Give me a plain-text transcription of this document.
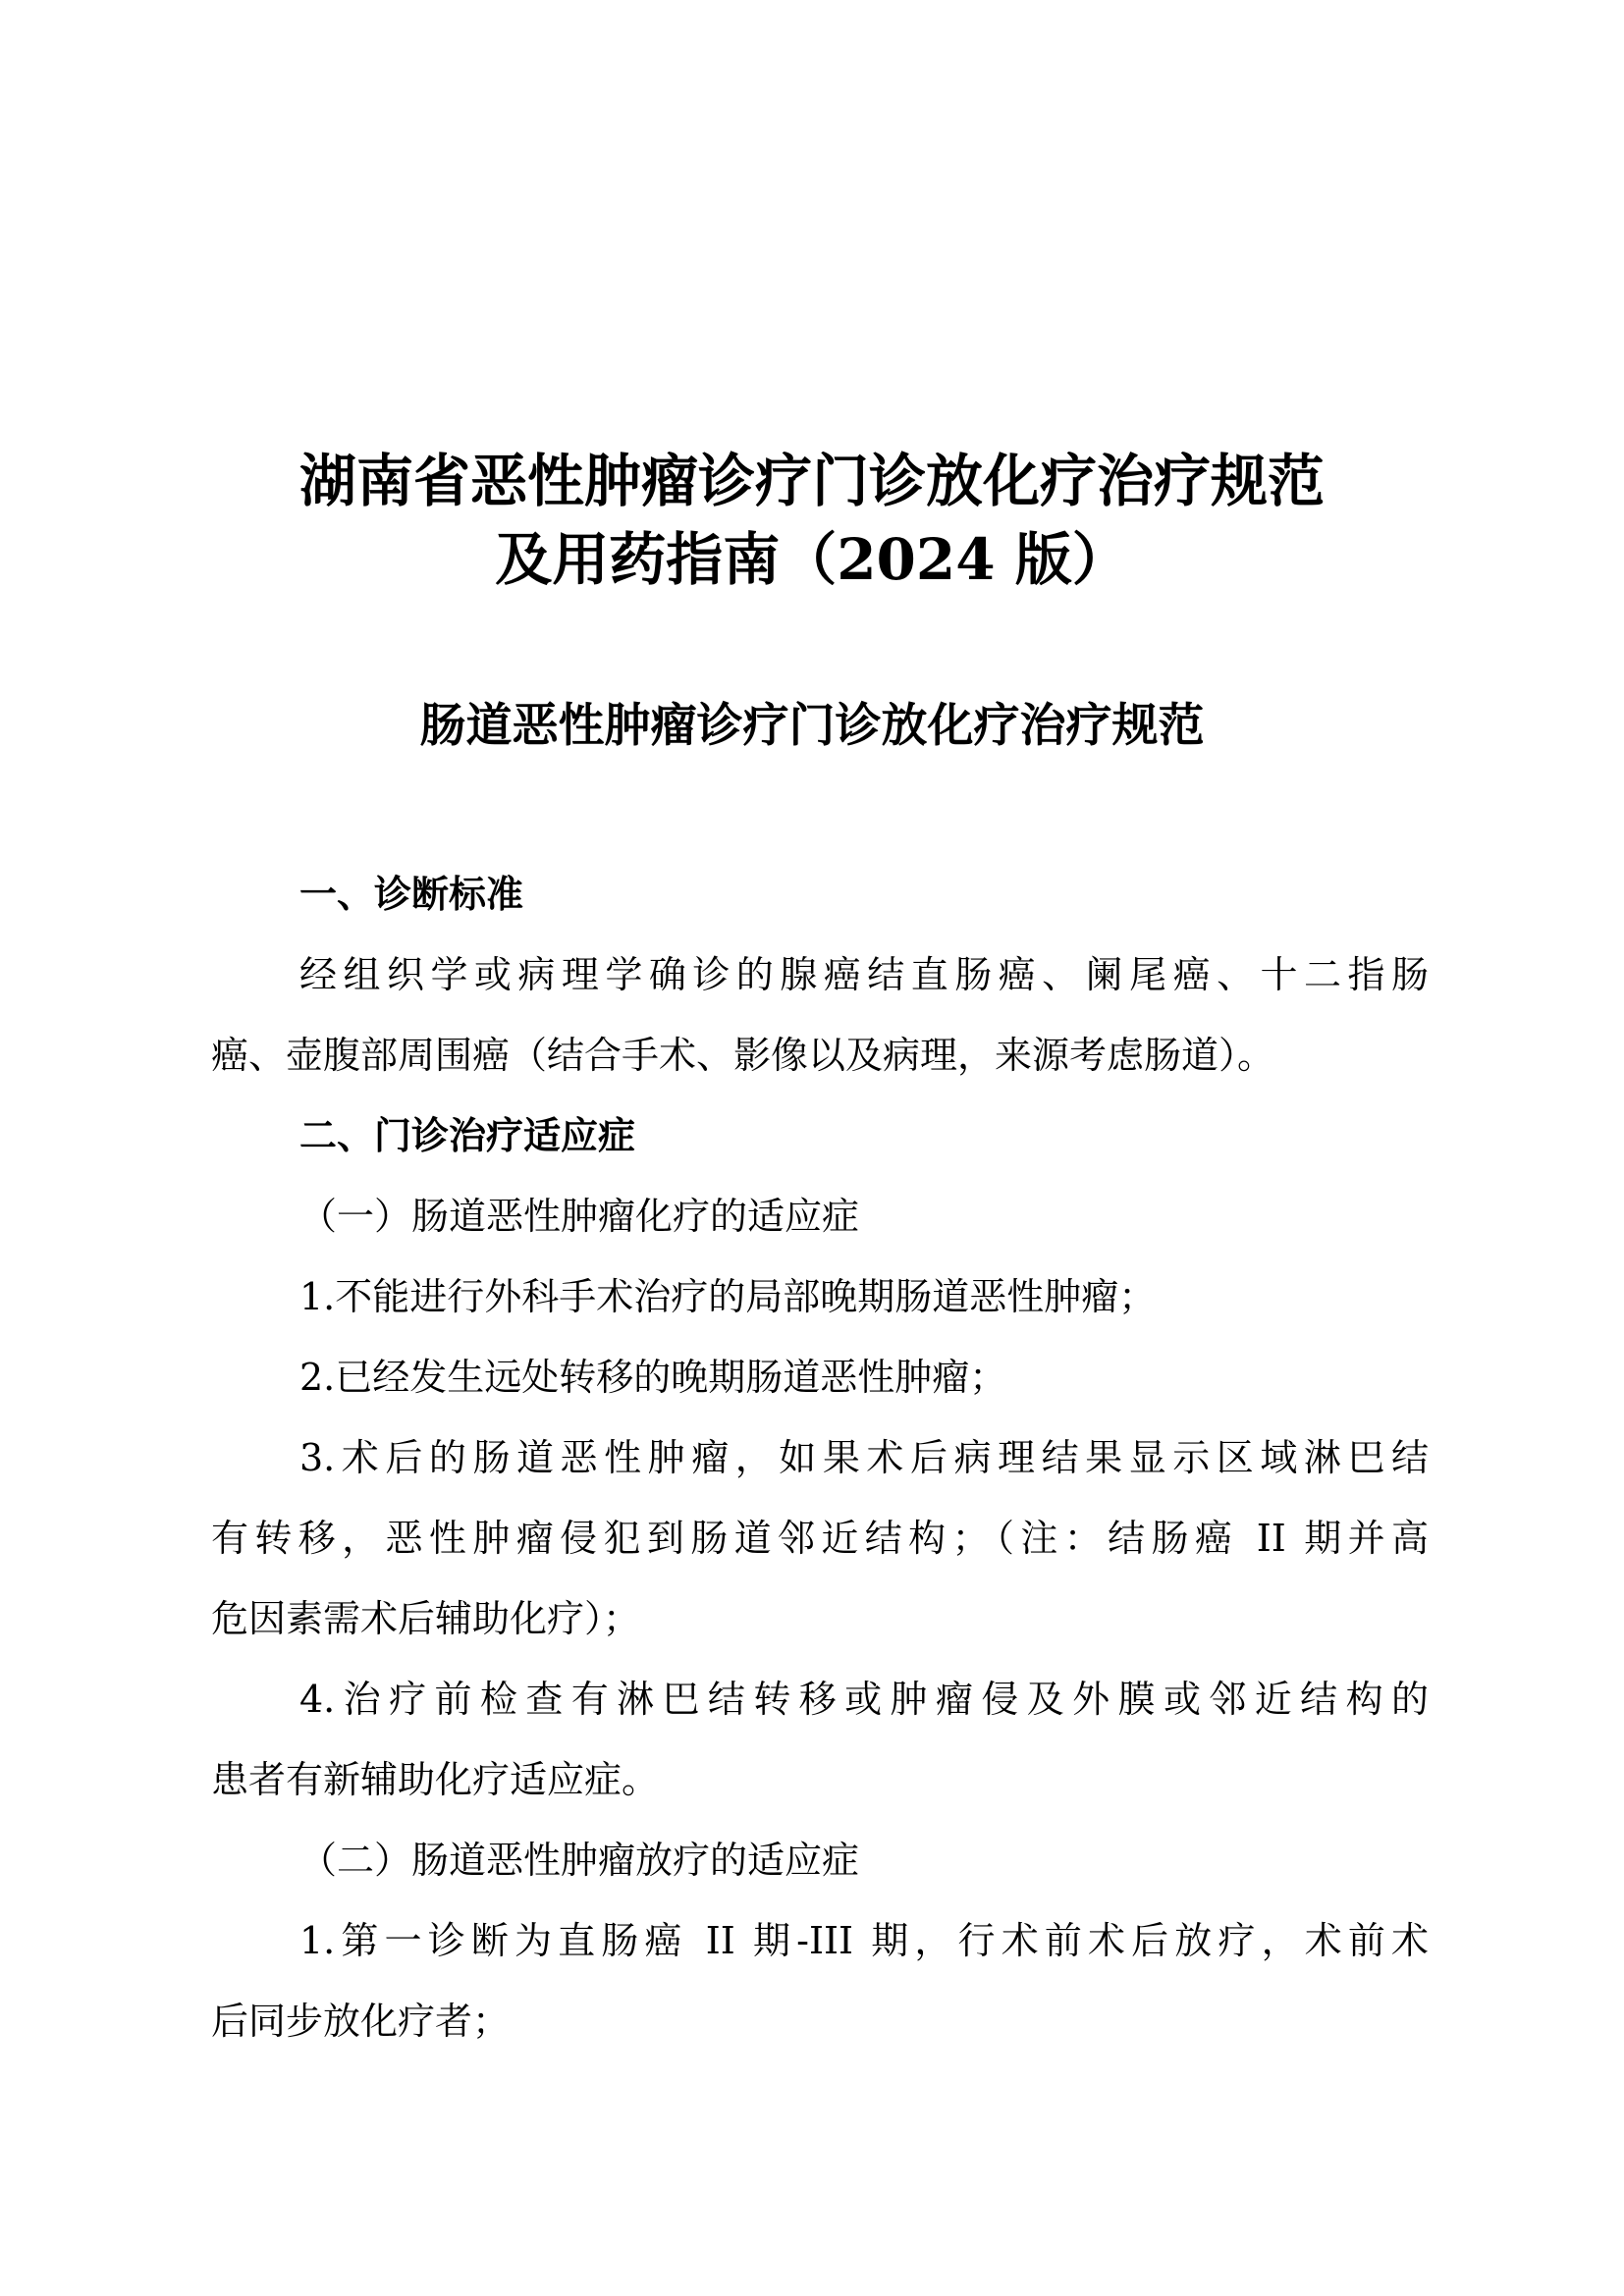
湖南省恶性肿瘤诊疗门诊放化疗治疗规范
及用药指南（2024 版）
肠道恶性肿瘤诊疗门诊放化疗治疗规范
一、诊断标准
经组织学或病理学确诊的腺癌结直肠癌、阑尾癌、十二指肠
癌、壶腹部周围癌（结合手术、影像以及病理，来源考虑肠道）。
二、门诊治疗适应症
（一）肠道恶性肿瘤化疗的适应症
1.不能进行外科手术治疗的局部晚期肠道恶性肿瘤；
2.已经发生远处转移的晚期肠道恶性肿瘤；
3.术后的肠道恶性肿瘤，如果术后病理结果显示区域淋巴结
有转移，恶性肿瘤侵犯到肠道邻近结构；（注：结肠癌 II 期并高
危因素需术后辅助化疗）；
4.治疗前检查有淋巴结转移或肿瘤侵及外膜或邻近结构的
患者有新辅助化疗适应症。
（二）肠道恶性肿瘤放疗的适应症
1.第一诊断为直肠癌 II 期-III 期，行术前术后放疗，术前术
后同步放化疗者；
